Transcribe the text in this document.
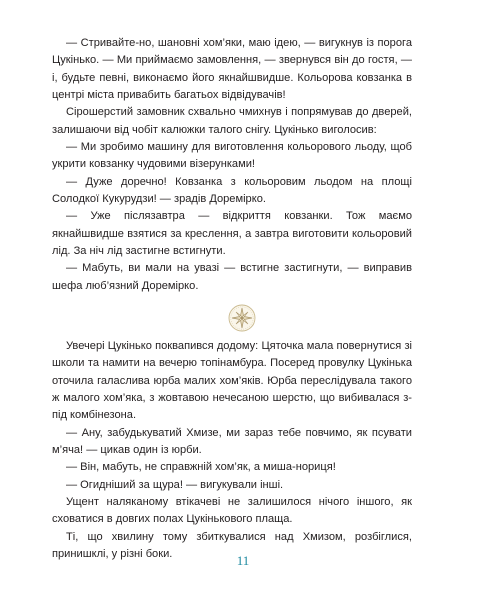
— Стривайте-но, шановні хом’яки, маю ідею, — вигукнув із порога Цукінько. — Ми приймаємо замовлення, — звернувся він до гостя, — і, будьте певні, виконаємо його якнайшвидше. Кольорова ковзанка в центрі міста привабить багатьох відвідувачів!

Сірошерстий замовник схвально чмихнув і попрямував до дверей, залишаючи від чобіт калюжки талого снігу. Цукінько виголосив:

— Ми зробимо машину для виготовлення кольорового льоду, щоб укрити ковзанку чудовими візерунками!

— Дуже доречно! Ковзанка з кольоровим льодом на площі Солодкої Кукурудзи! — зрадів Доремірко.

— Уже післязавтра — відкриття ковзанки. Тож маємо якнайшвидше взятися за креслення, а завтра виготовити кольоровий лід. За ніч лід застигне встигнути.

— Мабуть, ви мали на увазі — встигне застигнути, — виправив шефа люб’язний Доремірко.

Увечері Цукінько поквапився додому: Цяточка мала повернутися зі школи та намити на вечерю топінамбура. Посеред провулку Цукінька оточила галаслива юрба малих хом’яків. Юрба переслідувала такого ж малого хом’яка, з жовтавою нечесаною шерстю, що вибивалася з-під комбінезона.

— Ану, забудькуватий Хмизе, ми зараз тебе повчимо, як псувати м’яча! — цикав один із юрби.

— Він, мабуть, не справжній хом’як, а миша-нориця!

— Огидніший за щура! — вигукували інші.

Ущент наляканому втікачеві не залишилося нічого іншого, як сховатися в довгих полах Цукінькового плаща.

Ті, що хвилину тому збиткувалися над Хмизом, розбіглися, принишклі, у різні боки.	11
